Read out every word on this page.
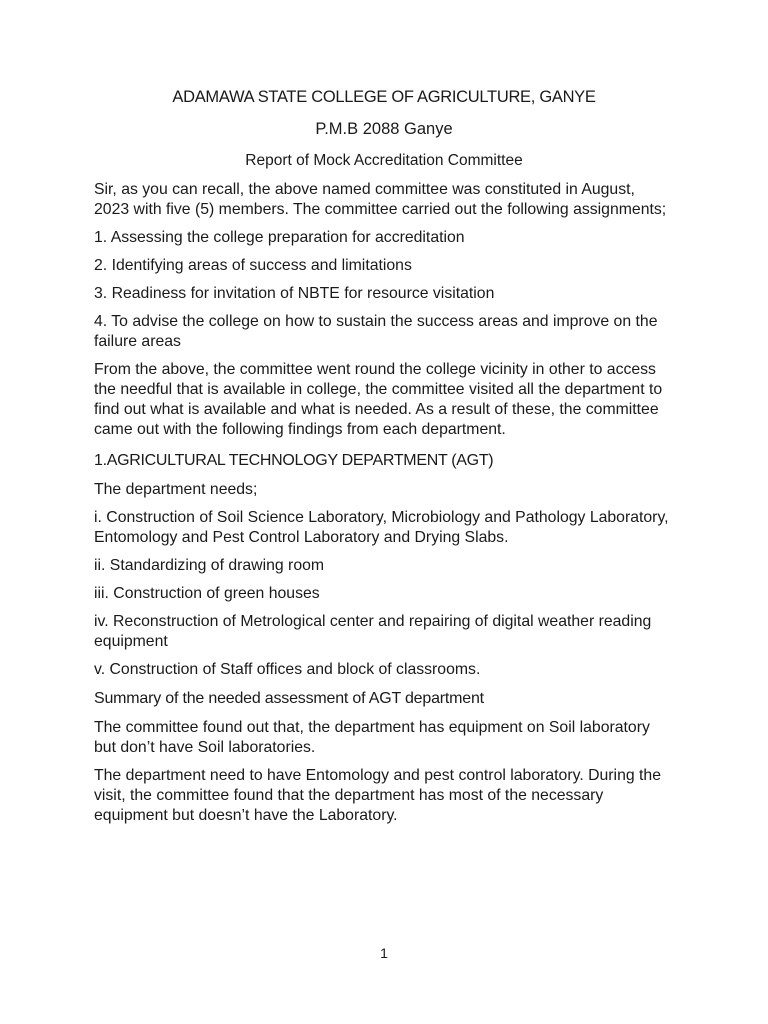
ADAMAWA STATE COLLEGE OF AGRICULTURE, GANYE
P.M.B 2088 Ganye
Report of Mock Accreditation Committee

Sir, as you can recall, the above named committee was constituted in August, 2023 with five (5) members. The committee carried out the following assignments;

1. Assessing the college preparation for accreditation

2. Identifying areas of success and limitations

3. Readiness for invitation of NBTE for resource visitation

4. To advise the college on how to sustain the success areas and improve on the failure areas

From the above, the committee went round the college vicinity in other to access the needful that is available in college, the committee visited all the department to find out what is available and what is needed. As a result of these, the committee came out with the following findings from each department.

1.AGRICULTURAL TECHNOLOGY DEPARTMENT (AGT)

The department needs;

i. Construction of Soil Science Laboratory, Microbiology and Pathology Laboratory, Entomology and Pest Control Laboratory and Drying Slabs.

ii. Standardizing of drawing room

iii. Construction of green houses

iv. Reconstruction of Metrological center and repairing of digital weather reading equipment

v. Construction of Staff offices and block of classrooms.

Summary of the needed assessment of AGT department

The committee found out that, the department has equipment on Soil laboratory but don’t have Soil laboratories.

The department need to have Entomology and pest control laboratory. During the visit, the committee found that the department has most of the necessary equipment but doesn’t have the Laboratory.

1
